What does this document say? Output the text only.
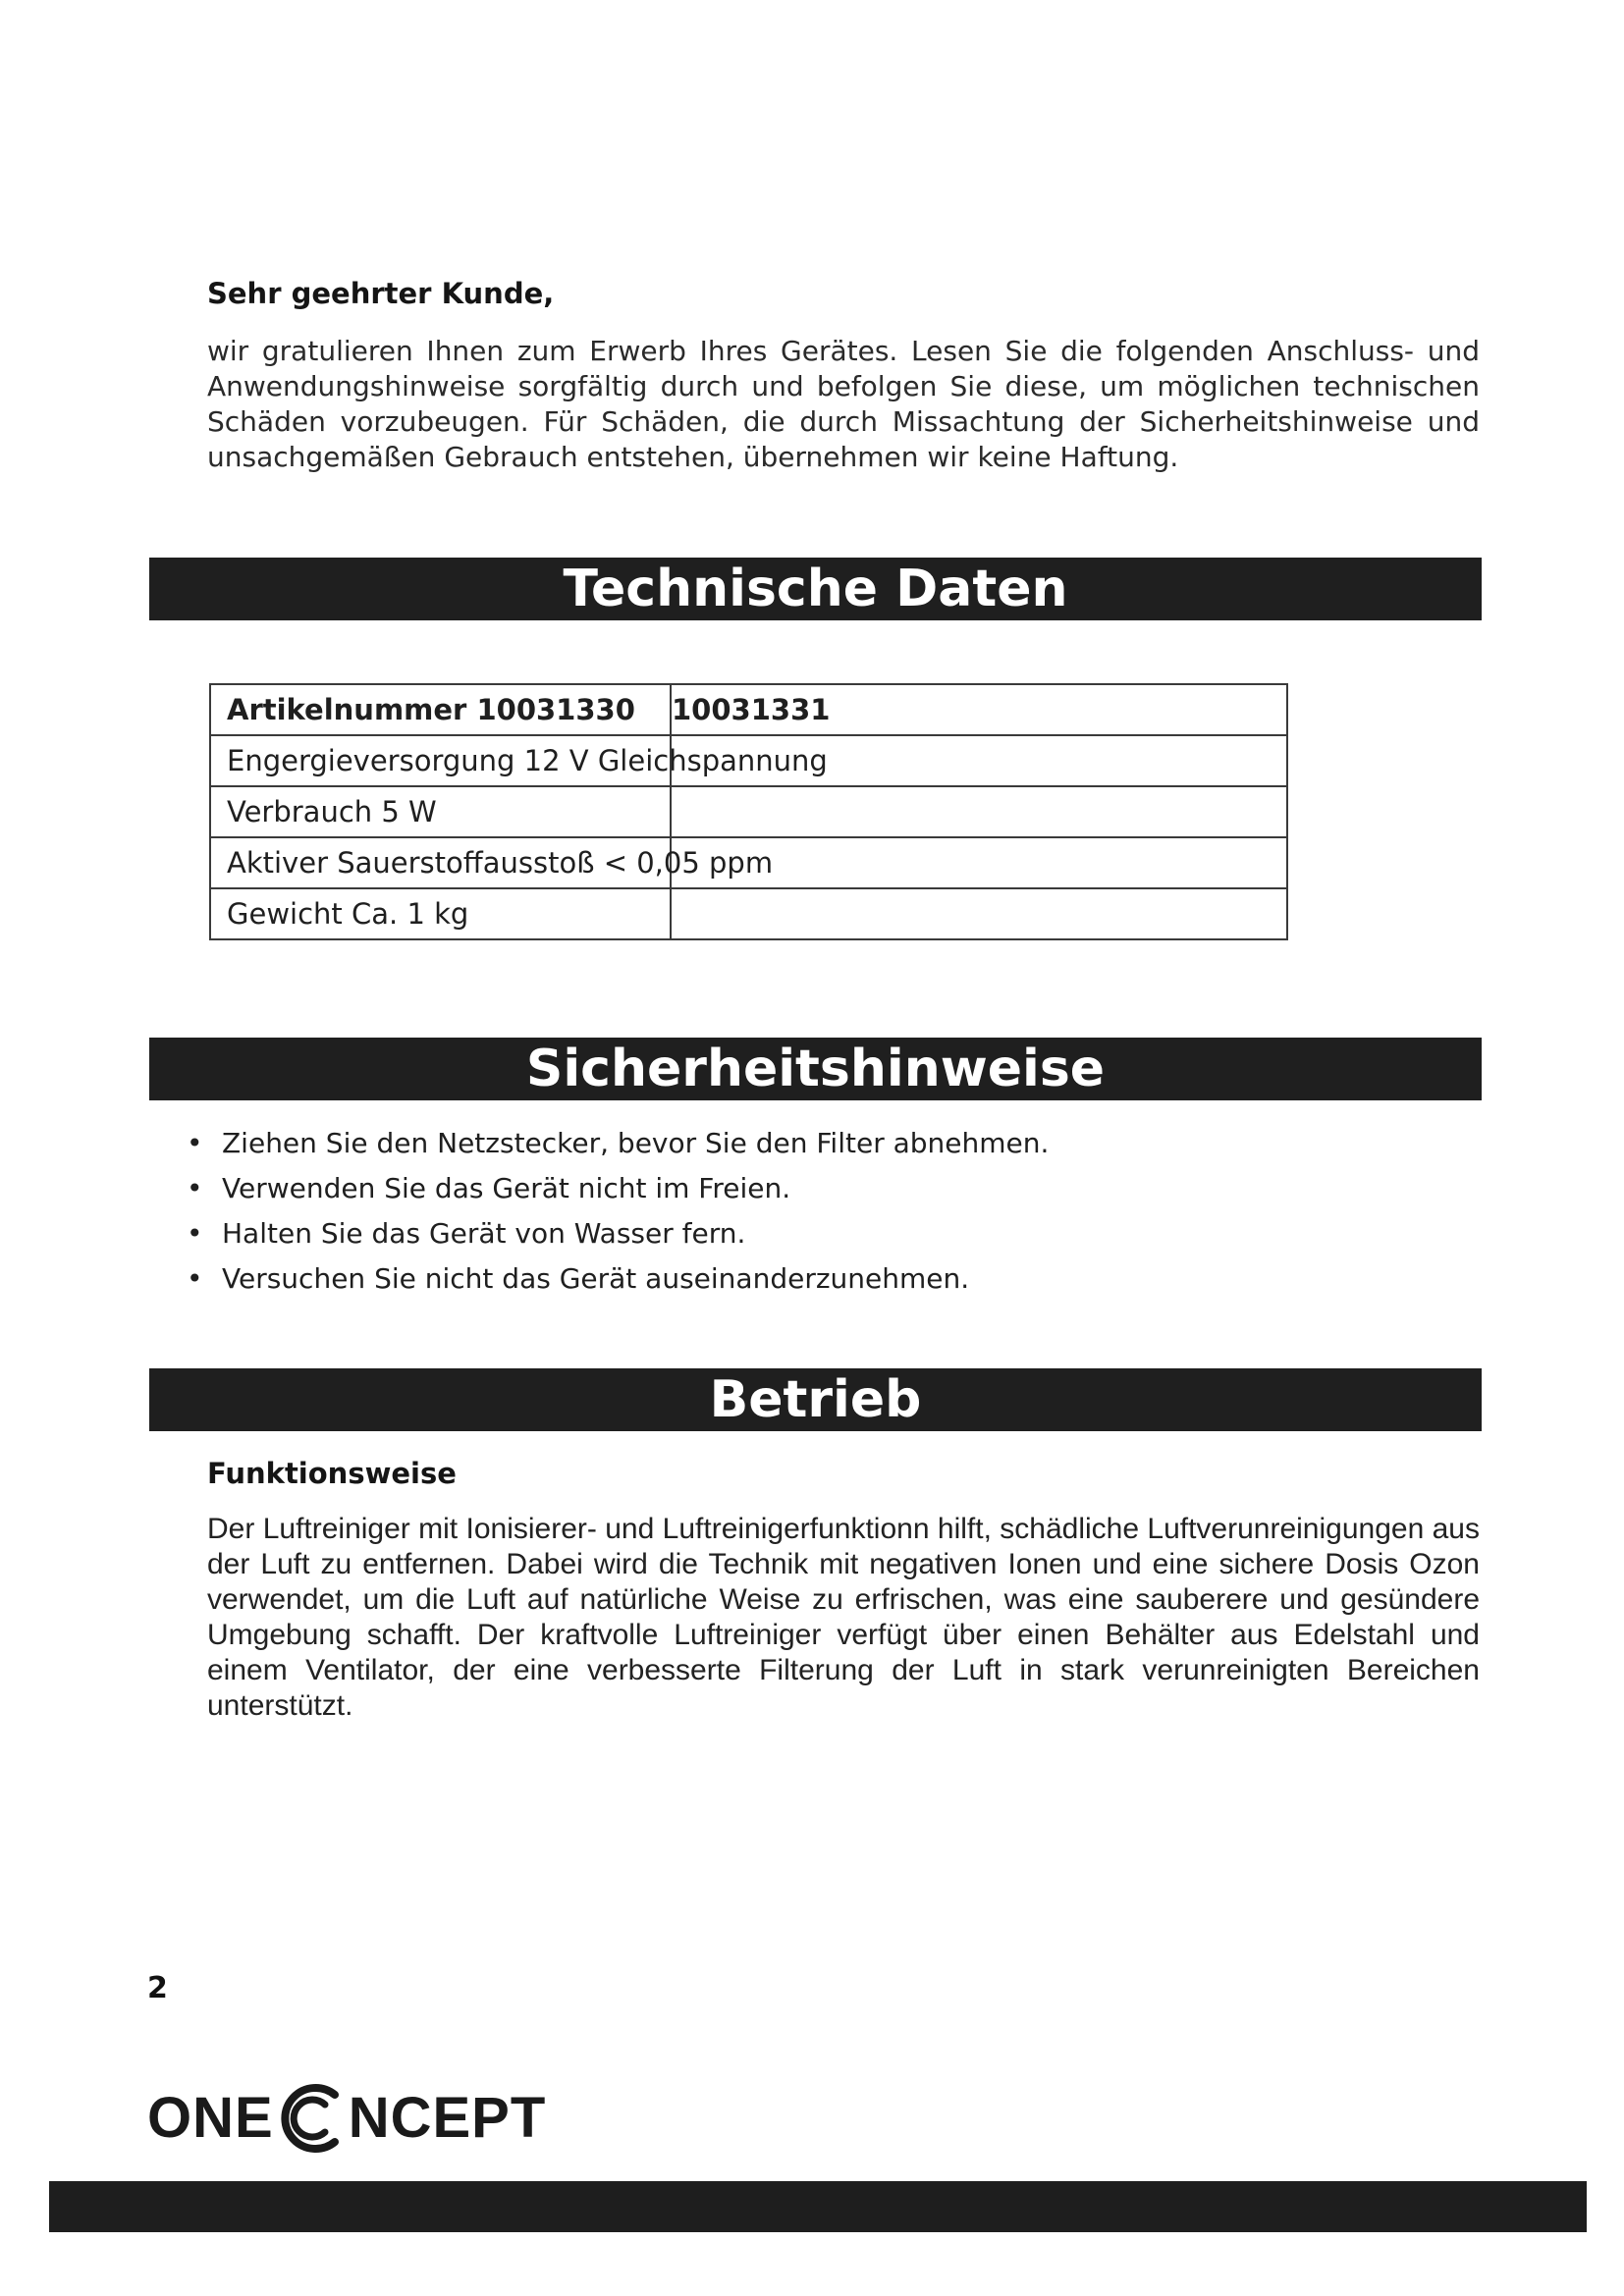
Sehr geehrter Kunde,
wir gratulieren Ihnen zum Erwerb Ihres Gerätes. Lesen Sie die folgenden Anschluss- und Anwendungshinweise sorgfältig durch und befolgen Sie diese, um möglichen technischen Schäden vorzubeugen. Für Schäden, die durch Missachtung der Sicherheitshinweise und unsachgemäßen Gebrauch entstehen, übernehmen wir keine Haftung.
Technische Daten
Artikelnummer 10031330	10031331
Engergieversorgung 12 V Gleichspannung	
Verbrauch 5 W	
Aktiver Sauerstoffausstoß < 0,05 ppm	
Gewicht Ca. 1 kg	
Sicherheitshinweise
• Ziehen Sie den Netzstecker, bevor Sie den Filter abnehmen.
• Verwenden Sie das Gerät nicht im Freien.
• Halten Sie das Gerät von Wasser fern.
• Versuchen Sie nicht das Gerät auseinanderzunehmen.
Betrieb
Funktionsweise
Der Luftreiniger mit Ionisierer- und Luftreinigerfunktionn hilft, schädliche Luftverunreinigungen aus der Luft zu entfernen. Dabei wird die Technik mit negativen Ionen und eine sichere Dosis Ozon verwendet, um die Luft auf natürliche Weise zu erfrischen, was eine sauberere und gesündere Umgebung schafft. Der kraftvolle Luftreiniger verfügt über einen Behälter aus Edelstahl und einem Ventilator, der eine verbesserte Filterung der Luft in stark verunreinigten Bereichen unterstützt.
2
ONE NCEPT
